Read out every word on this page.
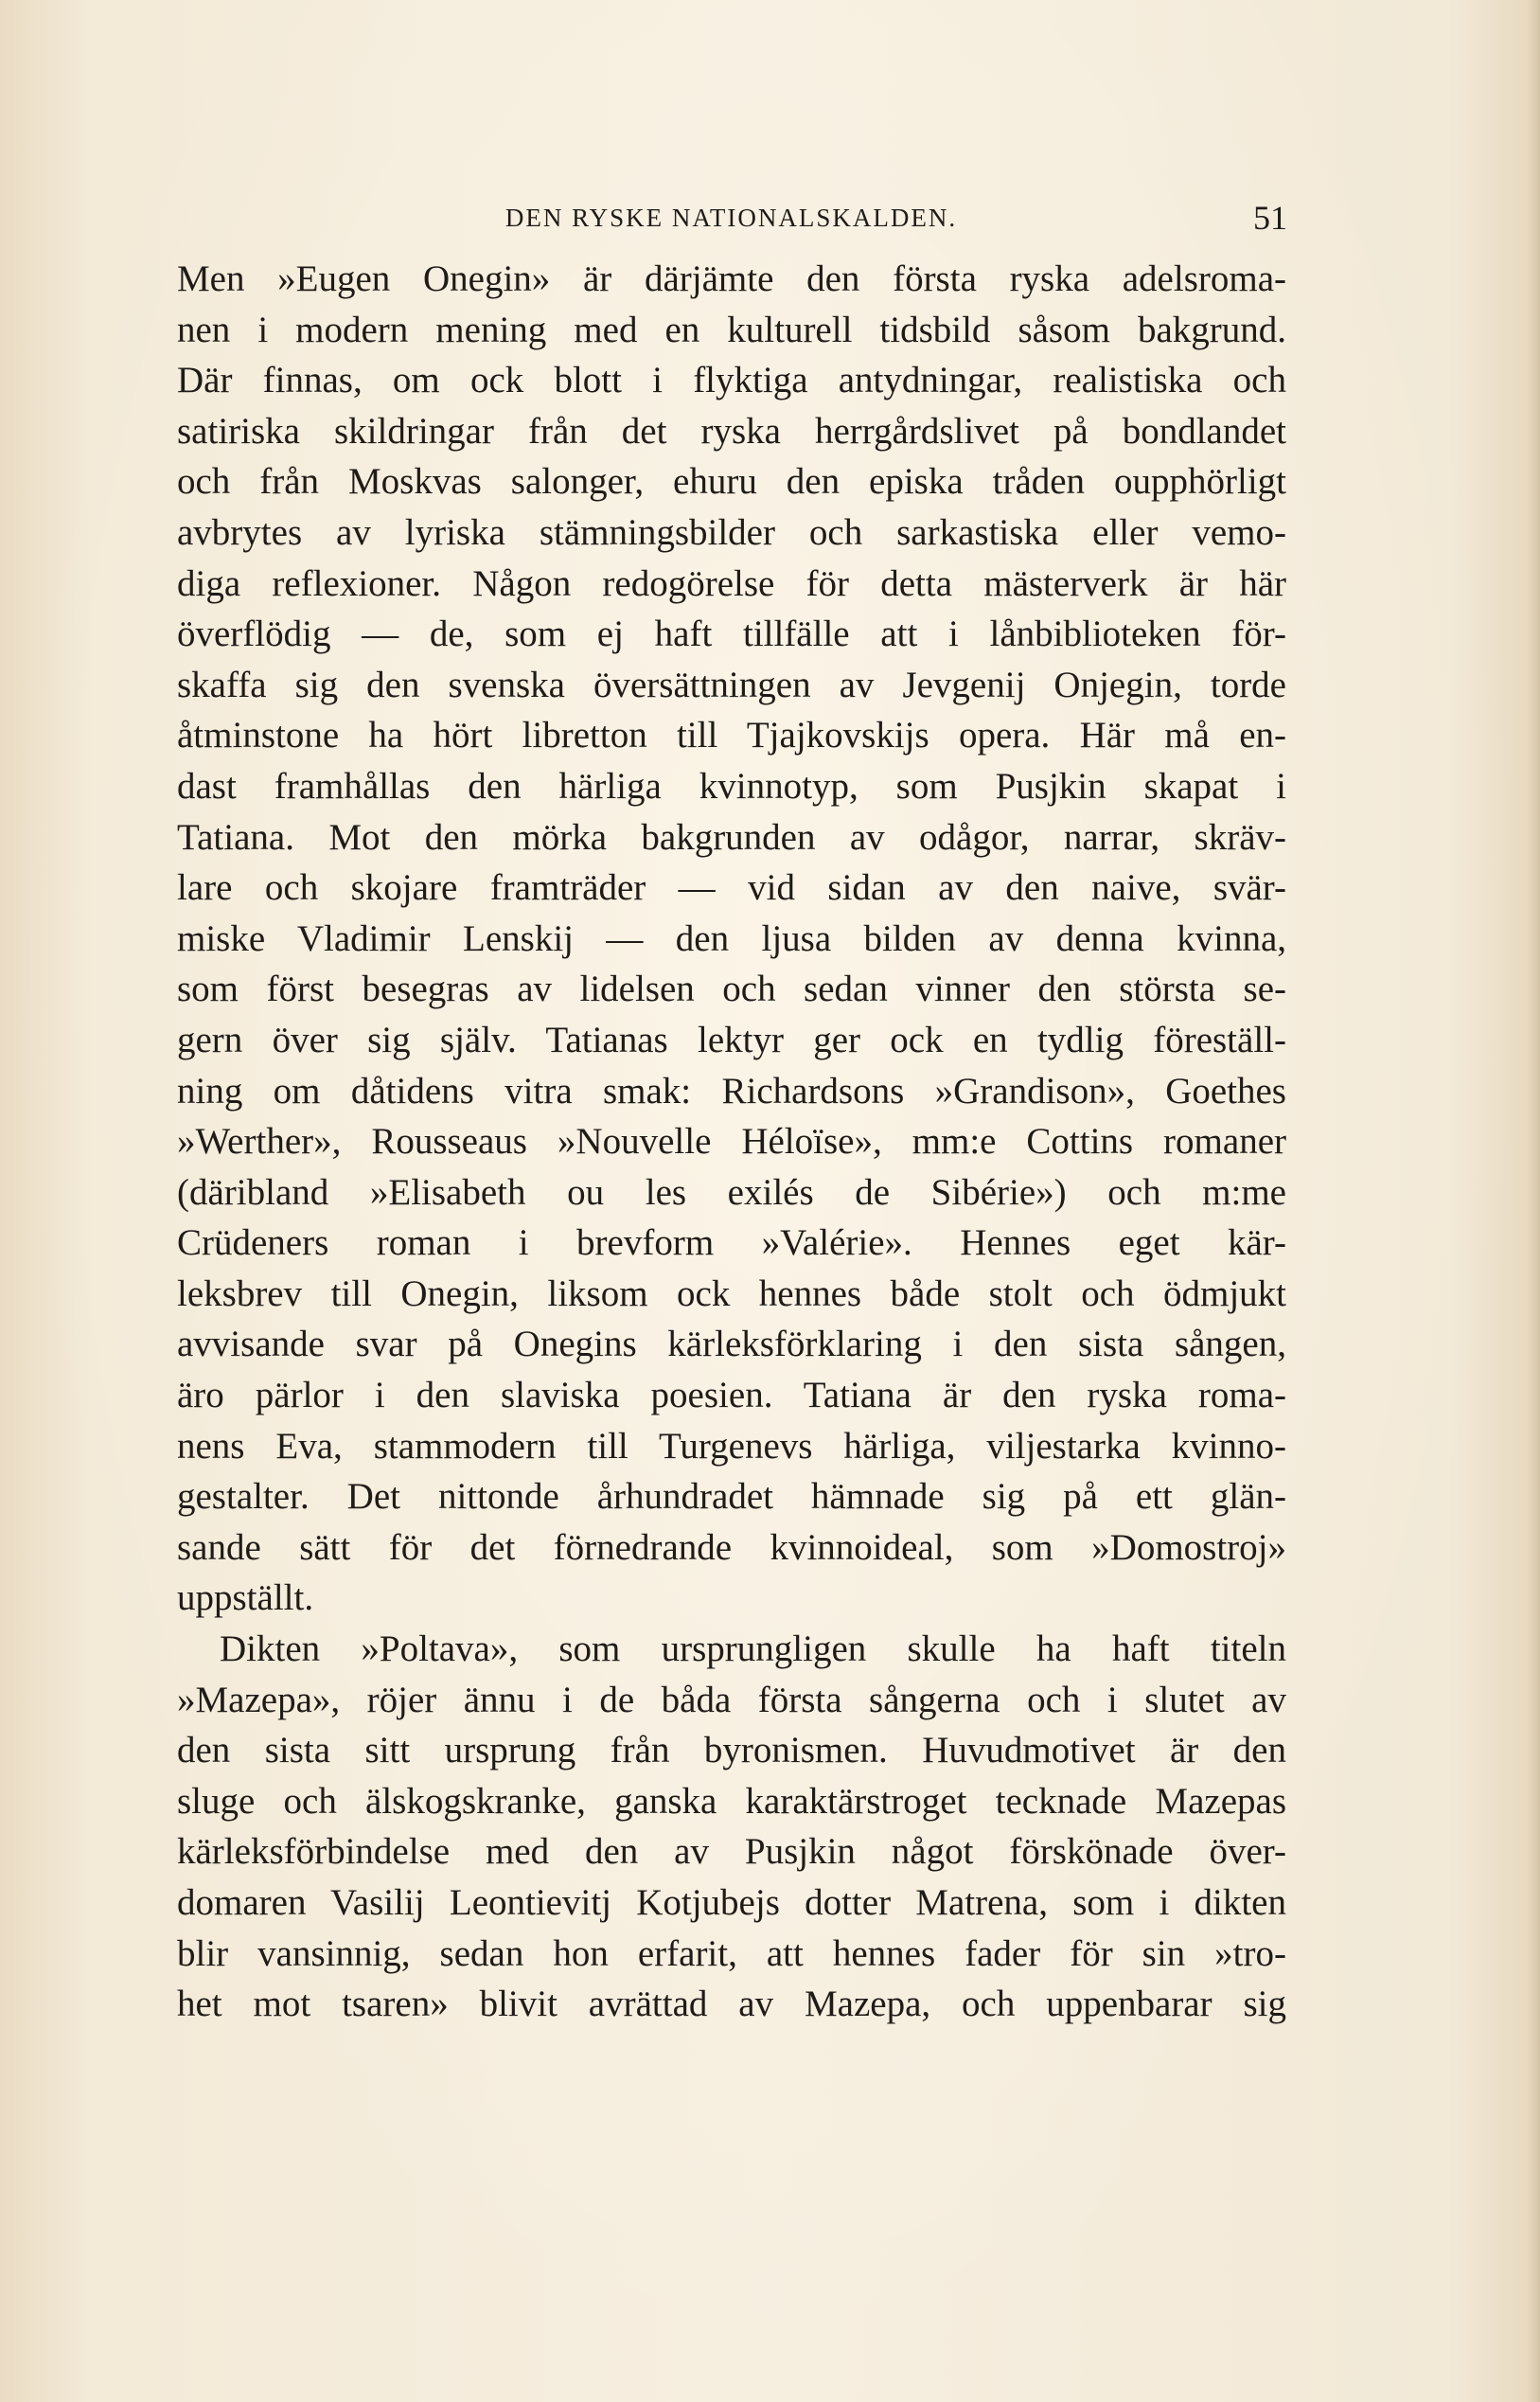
DEN RYSKE NATIONALSKALDEN.	51
Men »Eugen Onegin» är därjämte den första ryska adelsroma-
nen i modern mening med en kulturell tidsbild såsom bakgrund.
Där finnas, om ock blott i flyktiga antydningar, realistiska och
satiriska skildringar från det ryska herrgårdslivet på bondlandet
och från Moskvas salonger, ehuru den episka tråden oupphörligt
avbrytes av lyriska stämningsbilder och sarkastiska eller vemo-
diga reflexioner. Någon redogörelse för detta mästerverk är här
överflödig — de, som ej haft tillfälle att i lånbiblioteken för-
skaffa sig den svenska översättningen av Jevgenij Onjegin, torde
åtminstone ha hört libretton till Tjajkovskijs opera. Här må en-
dast framhållas den härliga kvinnotyp, som Pusjkin skapat i
Tatiana. Mot den mörka bakgrunden av odågor, narrar, skräv-
lare och skojare framträder — vid sidan av den naive, svär-
miske Vladimir Lenskij — den ljusa bilden av denna kvinna,
som först besegras av lidelsen och sedan vinner den största se-
gern över sig själv. Tatianas lektyr ger ock en tydlig föreställ-
ning om dåtidens vitra smak: Richardsons »Grandison», Goethes
»Werther», Rousseaus »Nouvelle Héloïse», mm:e Cottins romaner
(däribland »Elisabeth ou les exilés de Sibérie») och m:me
Crüdeners roman i brevform »Valérie». Hennes eget kär-
leksbrev till Onegin, liksom ock hennes både stolt och ödmjukt
avvisande svar på Onegins kärleksförklaring i den sista sången,
äro pärlor i den slaviska poesien. Tatiana är den ryska roma-
nens Eva, stammodern till Turgenevs härliga, viljestarka kvinno-
gestalter. Det nittonde århundradet hämnade sig på ett glän-
sande sätt för det förnedrande kvinnoideal, som »Domostroj»
uppställt.
Dikten »Poltava», som ursprungligen skulle ha haft titeln
»Mazepa», röjer ännu i de båda första sångerna och i slutet av
den sista sitt ursprung från byronismen. Huvudmotivet är den
sluge och älskogskranke, ganska karaktärstroget tecknade Mazepas
kärleksförbindelse med den av Pusjkin något förskönade över-
domaren Vasilij Leontievitj Kotjubejs dotter Matrena, som i dikten
blir vansinnig, sedan hon erfarit, att hennes fader för sin »tro-
het mot tsaren» blivit avrättad av Mazepa, och uppenbarar sig
